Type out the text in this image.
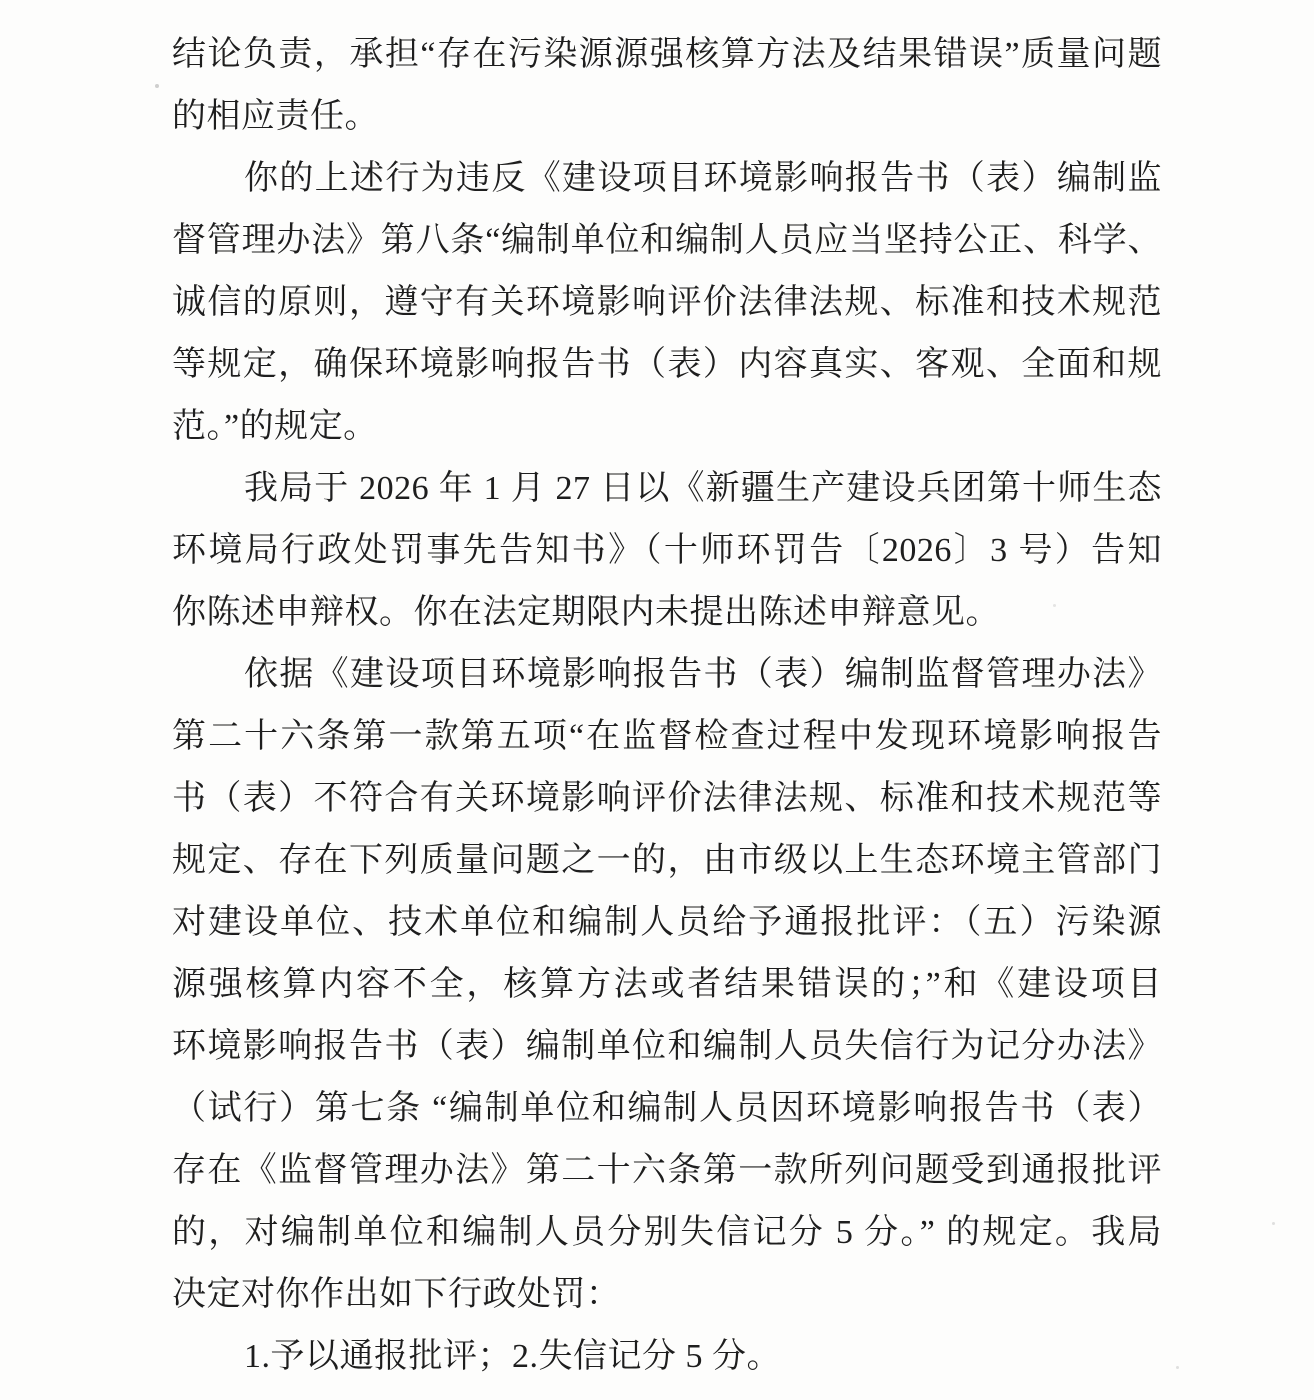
结论负责，承担“存在污染源源强核算方法及结果错误”质量问题
的相应责任。
你的上述行为违反《建设项目环境影响报告书（表）编制监
督管理办法》第八条“编制单位和编制人员应当坚持公正、科学、
诚信的原则，遵守有关环境影响评价法律法规、标准和技术规范
等规定，确保环境影响报告书（表）内容真实、客观、全面和规
范。”的规定。
我局于 2026 年 1 月 27 日以《新疆生产建设兵团第十师生态
环境局行政处罚事先告知书》（十师环罚告〔2026〕3 号）告知
你陈述申辩权。你在法定期限内未提出陈述申辩意见。
依据《建设项目环境影响报告书（表）编制监督管理办法》
第二十六条第一款第五项“在监督检查过程中发现环境影响报告
书（表）不符合有关环境影响评价法律法规、标准和技术规范等
规定、存在下列质量问题之一的，由市级以上生态环境主管部门
对建设单位、技术单位和编制人员给予通报批评：（五）污染源
源强核算内容不全，核算方法或者结果错误的；”和《建设项目
环境影响报告书（表）编制单位和编制人员失信行为记分办法》
（试行）第七条 “编制单位和编制人员因环境影响报告书（表）
存在《监督管理办法》第二十六条第一款所列问题受到通报批评
的，对编制单位和编制人员分别失信记分 5 分。” 的规定。我局
决定对你作出如下行政处罚：
1.予以通报批评；2.失信记分 5 分。
